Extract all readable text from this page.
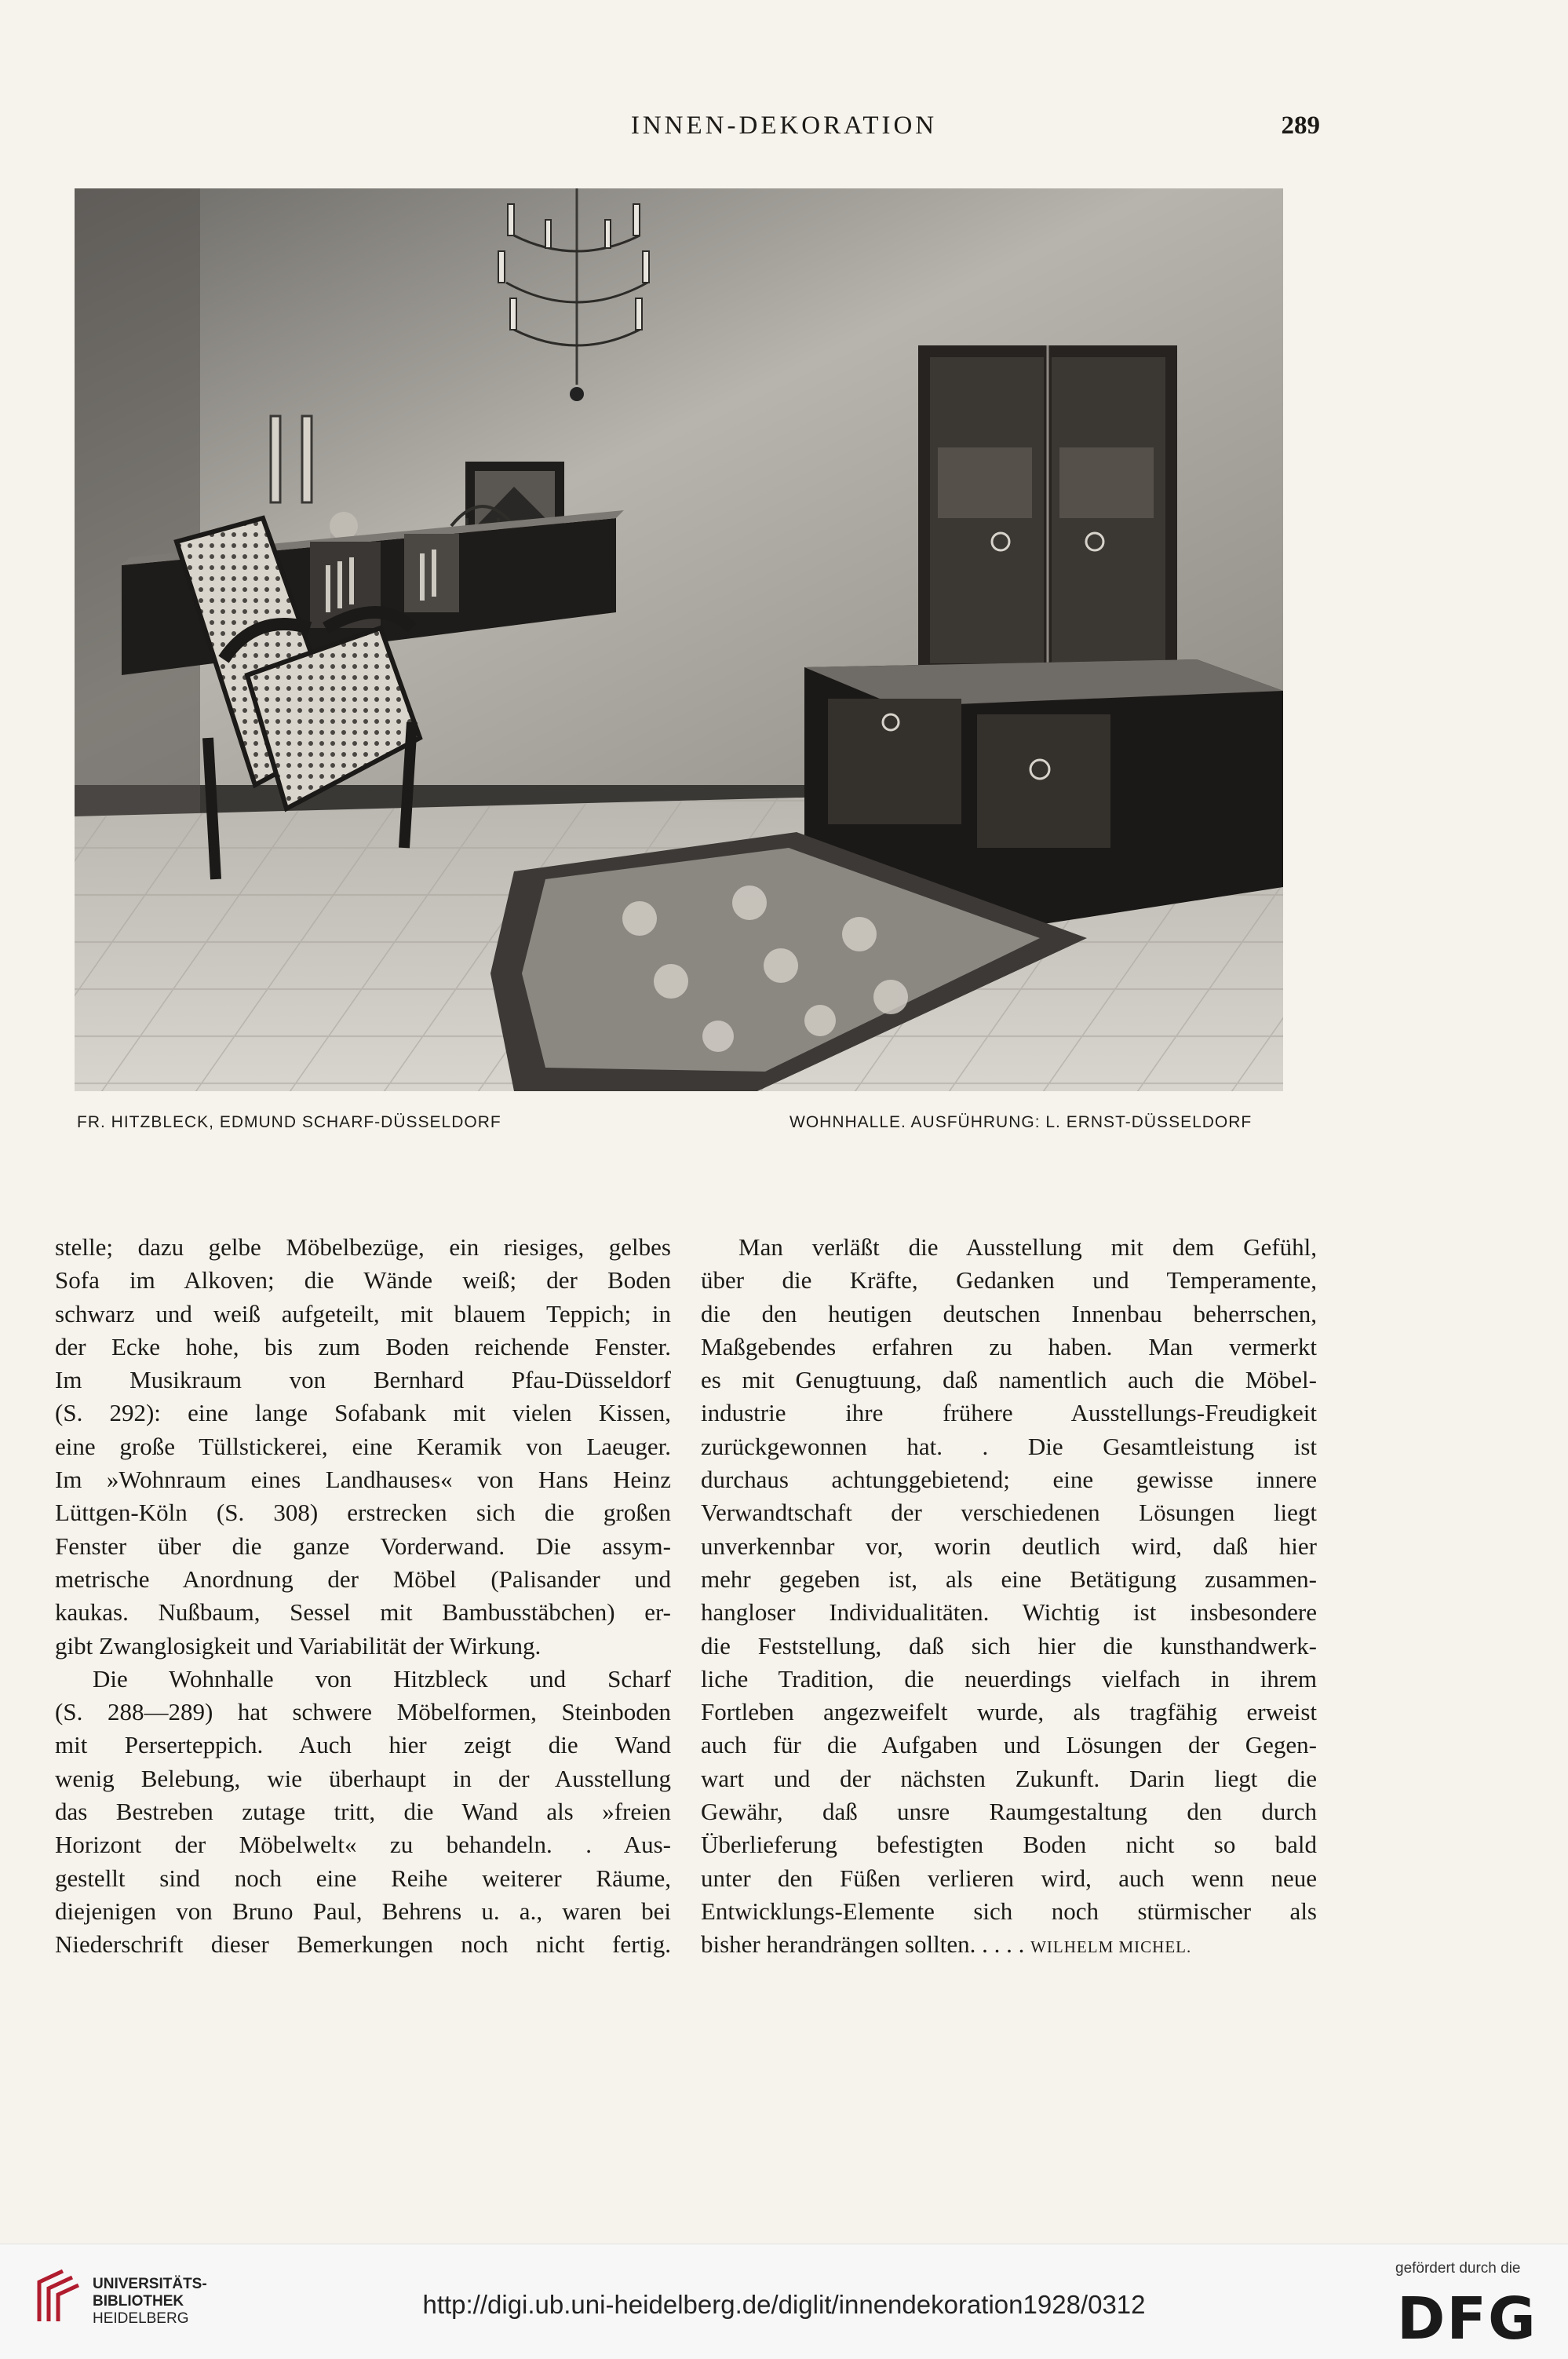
INNEN-DEKORATION	289
FR. HITZBLECK, EDMUND SCHARF-DÜSSELDORF	WOHNHALLE. AUSFÜHRUNG: L. ERNST-DÜSSELDORF
stelle; dazu gelbe Möbelbezüge, ein riesiges, gelbes
Sofa im Alkoven; die Wände weiß; der Boden
schwarz und weiß aufgeteilt, mit blauem Teppich; in
der Ecke hohe, bis zum Boden reichende Fenster.
Im Musikraum von Bernhard Pfau-Düsseldorf
(S. 292): eine lange Sofabank mit vielen Kissen,
eine große Tüllstickerei, eine Keramik von Laeuger.
Im »Wohnraum eines Landhauses« von Hans Heinz
Lüttgen-Köln (S. 308) erstrecken sich die großen
Fenster über die ganze Vorderwand. Die assym-
metrische Anordnung der Möbel (Palisander und
kaukas. Nußbaum, Sessel mit Bambusstäbchen) er-
gibt Zwanglosigkeit und Variabilität der Wirkung.
Die Wohnhalle von Hitzbleck und Scharf
(S. 288—289) hat schwere Möbelformen, Steinboden
mit Perserteppich. Auch hier zeigt die Wand
wenig Belebung, wie überhaupt in der Ausstellung
das Bestreben zutage tritt, die Wand als »freien
Horizont der Möbelwelt« zu behandeln. . Aus-
gestellt sind noch eine Reihe weiterer Räume,
diejenigen von Bruno Paul, Behrens u. a., waren bei
Niederschrift dieser Bemerkungen noch nicht fertig.
Man verläßt die Ausstellung mit dem Gefühl,
über die Kräfte, Gedanken und Temperamente,
die den heutigen deutschen Innenbau beherrschen,
Maßgebendes erfahren zu haben. Man vermerkt
es mit Genugtuung, daß namentlich auch die Möbel-
industrie ihre frühere Ausstellungs-Freudigkeit
zurückgewonnen hat. . Die Gesamtleistung ist
durchaus achtunggebietend; eine gewisse innere
Verwandtschaft der verschiedenen Lösungen liegt
unverkennbar vor, worin deutlich wird, daß hier
mehr gegeben ist, als eine Betätigung zusammen-
hangloser Individualitäten. Wichtig ist insbesondere
die Feststellung, daß sich hier die kunsthandwerk-
liche Tradition, die neuerdings vielfach in ihrem
Fortleben angezweifelt wurde, als tragfähig erweist
auch für die Aufgaben und Lösungen der Gegen-
wart und der nächsten Zukunft. Darin liegt die
Gewähr, daß unsre Raumgestaltung den durch
Überlieferung befestigten Boden nicht so bald
unter den Füßen verlieren wird, auch wenn neue
Entwicklungs-Elemente sich noch stürmischer als
bisher herandrängen sollten. . . . . WILHELM MICHEL.
UNIVERSITÄTS-
BIBLIOTHEK
HEIDELBERG	http://digi.ub.uni-heidelberg.de/diglit/innendekoration1928/0312
gefördert durch die
DFG
